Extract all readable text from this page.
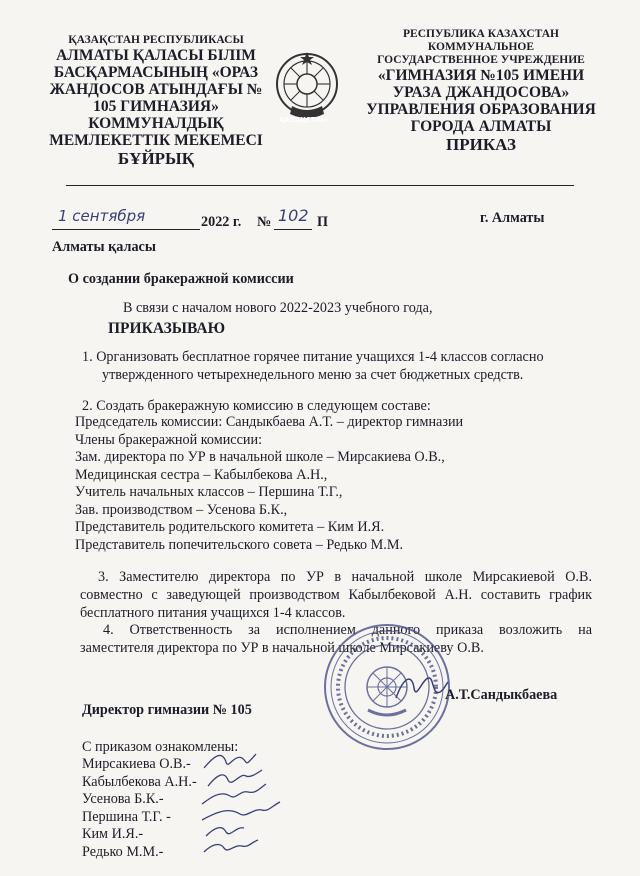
ҚАЗАҚСТАН РЕСПУБЛИКАСЫ
АЛМАТЫ ҚАЛАСЫ БІЛІМ
БАСҚАРМАСЫНЫҢ «ОРАЗ
ЖАНДОСОВ АТЫНДАҒЫ №
105 ГИМНАЗИЯ»
КОММУНАЛДЫҚ
МЕМЛЕКЕТТІК МЕКЕМЕСІ
БҰЙРЫҚ
ҚАЗАҚСТАН
РЕСПУБЛИКА КАЗАХСТАН
КОММУНАЛЬНОЕ
ГОСУДАРСТВЕННОЕ УЧРЕЖДЕНИЕ
«ГИМНАЗИЯ №105 ИМЕНИ
УРАЗА ДЖАНДОСОВА»
УПРАВЛЕНИЯ ОБРАЗОВАНИЯ
ГОРОДА АЛМАТЫ
ПРИКАЗ
1 сентября	2022 г. № 102 П	г. Алматы
Алматы қаласы
О создании бракеражной комиссии
В связи с началом нового 2022-2023 учебного года,
ПРИКАЗЫВАЮ
1. Организовать бесплатное горячее питание учащихся 1-4 классов согласно
утвержденного четырехнедельного меню за счет бюджетных средств.
2. Создать бракеражную комиссию в следующем составе:
Председатель комиссии: Сандыкбаева А.Т. – директор гимназии
Члены бракеражной комиссии:
Зам. директора по УР в начальной школе – Мирсакиева О.В.,
Медицинская сестра – Кабылбекова А.Н.,
Учитель начальных классов – Першина Т.Г.,
Зав. производством – Усенова Б.К.,
Представитель родительского комитета – Ким И.Я.
Представитель попечительского совета – Редько М.М.
3. Заместителю директора по УР в начальной школе Мирсакиевой О.В.
совместно с заведующей производством Кабылбековой А.Н. составить график
бесплатного питания учащихся 1-4 классов.
4. Ответственность за исполнением данного приказа возложить на
заместителя директора по УР в начальной школе Мирсакиеву О.В.
Директор гимназии № 105
А.Т.Сандыкбаева
С приказом ознакомлены:
Мирсакиева О.В.-
Кабылбекова А.Н.-
Усенова Б.К.-
Першина Т.Г. -
Ким И.Я.-
Редько М.М.-
